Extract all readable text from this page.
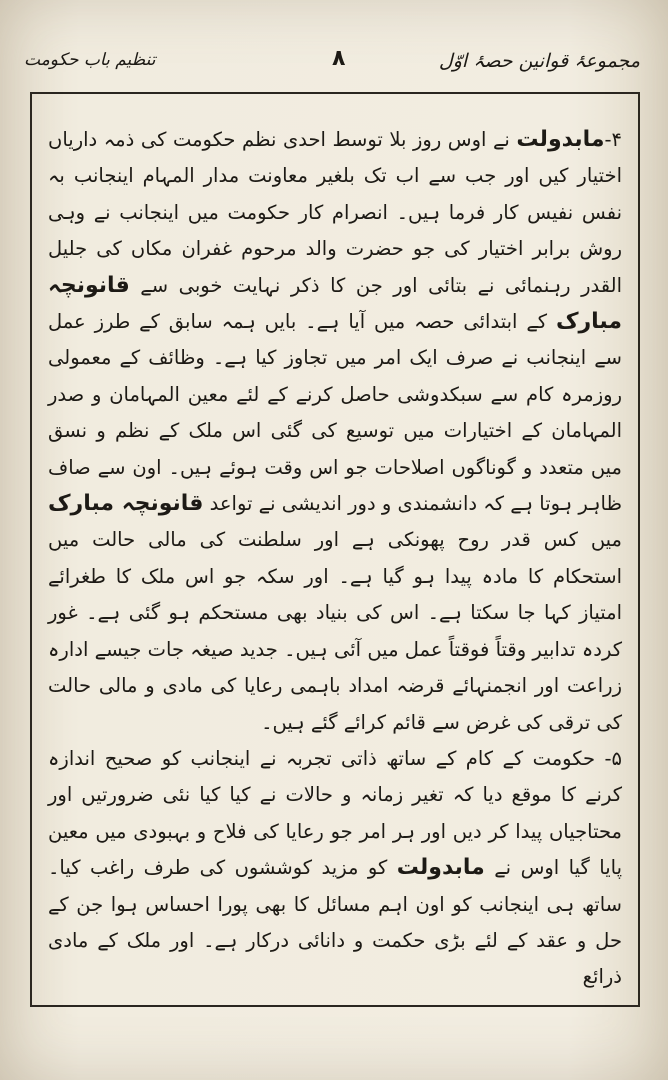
مجموعۂ قوانین حصۂ اوّل
۸
تنظیم باب حکومت

۴-مابدولت نے اوس روز بلا توسط احدی نظم حکومت کی ذمہ داریاں اختیار کیں اور جب سے اب تک بلغیر معاونت مدار المہام اینجانب بہ نفس نفیس کار فرما ہیں۔ انصرام کار حکومت میں اینجانب نے وہی روش برابر اختیار کی جو حضرت والد مرحوم غفران مکاں کی جلیل القدر رہنمائی نے بتائی اور جن کا ذکر نہایت خوبی سے قانونچہ مبارک کے ابتدائی حصہ میں آیا ہے۔ بایں ہمہ سابق کے طرز عمل سے اینجانب نے صرف ایک امر میں تجاوز کیا ہے۔ وظائف کے معمولی روزمرہ کام سے سبکدوشی حاصل کرنے کے لئے معین المہامان و صدر المہامان کے اختیارات میں توسیع کی گئی اس ملک کے نظم و نسق میں متعدد و گوناگوں اصلاحات جو اس وقت ہوئے ہیں۔ اون سے صاف ظاہر ہوتا ہے کہ دانشمندی و دور اندیشی نے تواعد قانونچہ مبارک میں کس قدر روح پھونکی ہے اور سلطنت کی مالی حالت میں استحکام کا مادہ پیدا ہو گیا ہے۔ اور سکہ جو اس ملک کا طغرائے امتیاز کہا جا سکتا ہے۔ اس کی بنیاد بھی مستحکم ہو گئی ہے۔ غور کردہ تدابیر وقتاً فوقتاً عمل میں آئی ہیں۔ جدید صیغہ جات جیسے ادارہ زراعت اور انجمنہائے قرضہ امداد باہمی رعایا کی مادی و مالی حالت کی ترقی کی غرض سے قائم کرائے گئے ہیں۔

۵- حکومت کے کام کے ساتھ ذاتی تجربہ نے اینجانب کو صحیح اندازہ کرنے کا موقع دیا کہ تغیر زمانہ و حالات نے کیا کیا نئی ضرورتیں اور محتاجیاں پیدا کر دیں اور ہر امر جو رعایا کی فلاح و بہبودی میں معین پایا گیا اوس نے مابدولت کو مزید کوششوں کی طرف راغب کیا۔ ساتھ ہی اینجانب کو اون اہم مسائل کا بھی پورا احساس ہوا جن کے حل و عقد کے لئے بڑی حکمت و دانائی درکار ہے۔ اور ملک کے مادی ذرائع
